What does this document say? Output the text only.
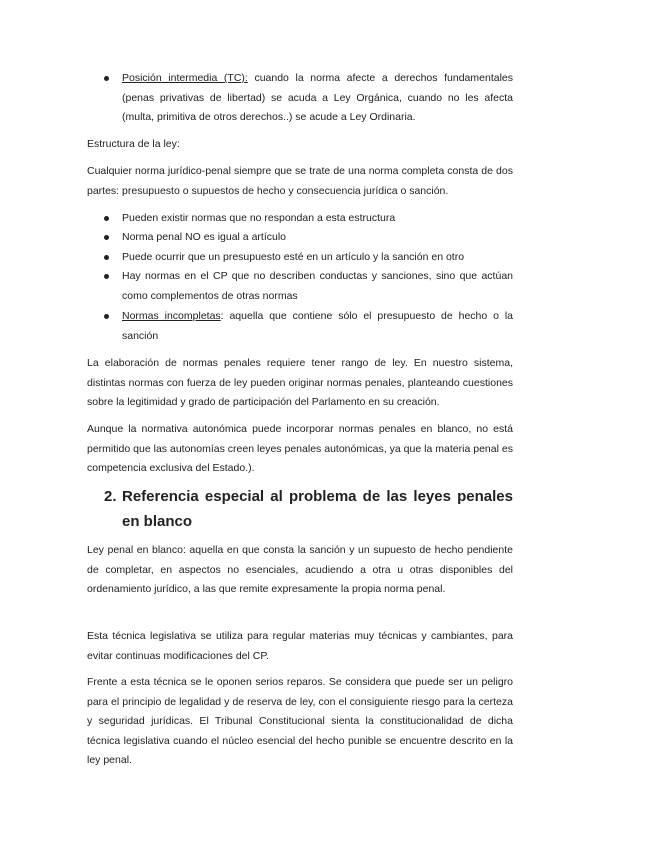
Posición intermedia (TC): cuando la norma afecte a derechos fundamentales (penas privativas de libertad) se acuda a Ley Orgánica, cuando no les afecta (multa, primitiva de otros derechos..) se acude a Ley Ordinaria.
Estructura de la ley:
Cualquier norma jurídico-penal siempre que se trate de una norma completa consta de dos partes: presupuesto o supuestos de hecho y consecuencia jurídica o sanción.
Pueden existir normas que no respondan a esta estructura
Norma penal NO es igual a artículo
Puede ocurrir que un presupuesto esté en un artículo y la sanción en otro
Hay normas en el CP que no describen conductas y sanciones, sino que actúan como complementos de otras normas
Normas incompletas: aquella que contiene sólo el presupuesto de hecho o la sanción
La elaboración de normas penales requiere tener rango de ley. En nuestro sistema, distintas normas con fuerza de ley pueden originar normas penales, planteando cuestiones sobre la legitimidad y grado de participación del Parlamento en su creación.
Aunque la normativa autonómica puede incorporar normas penales en blanco, no está permitido que las autonomías creen leyes penales autonómicas, ya que la materia penal es competencia exclusiva del Estado.).
2. Referencia especial al problema de las leyes penales en blanco
Ley penal en blanco: aquella en que consta la sanción y un supuesto de hecho pendiente de completar, en aspectos no esenciales, acudiendo a otra u otras disponibles del ordenamiento jurídico, a las que remite expresamente la propia norma penal.
Esta técnica legislativa se utiliza para regular materias muy técnicas y cambiantes, para evitar continuas modificaciones del CP.
Frente a esta técnica se le oponen serios reparos. Se considera que puede ser un peligro para el principio de legalidad y de reserva de ley, con el consiguiente riesgo para la certeza y seguridad jurídicas. El Tribunal Constitucional sienta la constitucionalidad de dicha técnica legislativa cuando el núcleo esencial del hecho punible se encuentre descrito en la ley penal.
